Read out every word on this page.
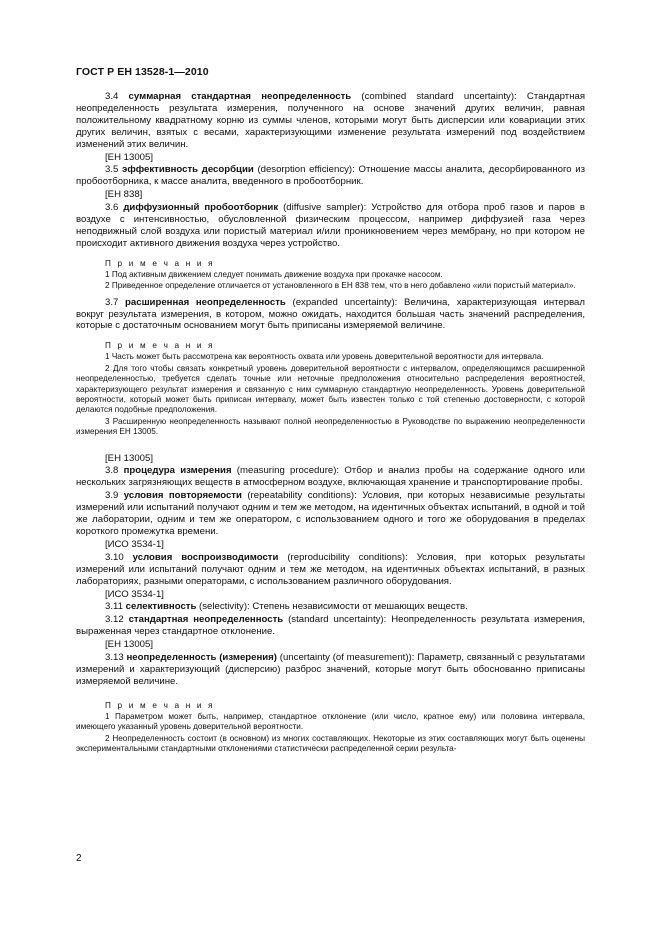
ГОСТ Р ЕН 13528-1—2010

3.4 суммарная стандартная неопределенность (combined standard uncertainty): Стандартная неопределенность результата измерения, полученного на основе значений других величин, равная положительному квадратному корню из суммы членов, которыми могут быть дисперсии или ковариации этих других величин, взятых с весами, характеризующими изменение результата измерений под воздействием изменений этих величин.

[EH 13005]

3.5 эффективность десорбции (desorption efficiency): Отношение массы аналита, десорбированного из пробоотборника, к массе аналита, введенного в пробоотборник.

[EH 838]

3.6 диффузионный пробоотборник (diffusive sampler): Устройство для отбора проб газов и паров в воздухе с интенсивностью, обусловленной физическим процессом, например диффузией газа через неподвижный слой воздуха или пористый материал и/или проникновением через мембрану, но при котором не происходит активного движения воздуха через устройство.

П р и м е ч а н и я

1 Под активным движением следует понимать движение воздуха при прокачке насосом.

2 Приведенное определение отличается от установленного в ЕН 838 тем, что в него добавлено «или пористый материал».

3.7 расширенная неопределенность (expanded uncertainty): Величина, характеризующая интервал вокруг результата измерения, в котором, можно ожидать, находится большая часть значений распределения, которые с достаточным основанием могут быть приписаны измеряемой величине.

П р и м е ч а н и я

1 Часть может быть рассмотрена как вероятность охвата или уровень доверительной вероятности для интервала.

2 Для того чтобы связать конкретный уровень доверительной вероятности с интервалом, определяющимся расширенной неопределенностью, требуется сделать точные или неточные предположения относительно распределения вероятностей, характеризующего результат измерения и связанную с ним суммарную стандартную неопределенность. Уровень доверительной вероятности, который может быть приписан интервалу, может быть известен только с той степенью достоверности, с которой делаются подобные предположения.

3 Расширенную неопределенность называют полной неопределенностью в Руководстве по выражению неопределенности измерения ЕН 13005.

[EH 13005]

3.8 процедура измерения (measuring procedure): Отбор и анализ пробы на содержание одного или нескольких загрязняющих веществ в атмосферном воздухе, включающая хранение и транспортирование пробы.

3.9 условия повторяемости (repeatability conditions): Условия, при которых независимые результаты измерений или испытаний получают одним и тем же методом, на идентичных объектах испытаний, в одной и той же лаборатории, одним и тем же оператором, с использованием одного и того же оборудования в пределах короткого промежутка времени.

[ИСО 3534-1]

3.10 условия воспроизводимости (reproducibility conditions): Условия, при которых результаты измерений или испытаний получают одним и тем же методом, на идентичных объектах испытаний, в разных лабораториях, разными операторами, с использованием различного оборудования.

[ИСО 3534-1]

3.11 селективность (selectivity): Степень независимости от мешающих веществ.

3.12 стандартная неопределенность (standard uncertainty): Неопределенность результата измерения, выраженная через стандартное отклонение.

[EH 13005]

3.13 неопределенность (измерения) (uncertainty (of measurement)): Параметр, связанный с результатами измерений и характеризующий (дисперсию) разброс значений, которые могут быть обоснованно приписаны измеряемой величине.

П р и м е ч а н и я

1 Параметром может быть, например, стандартное отклонение (или число, кратное ему) или половина интервала, имеющего указанный уровень доверительной вероятности.

2 Неопределенность состоит (в основном) из многих составляющих. Некоторые из этих составляющих могут быть оценены экспериментальными стандартными отклонениями статистически распределенной серии результа-

2
